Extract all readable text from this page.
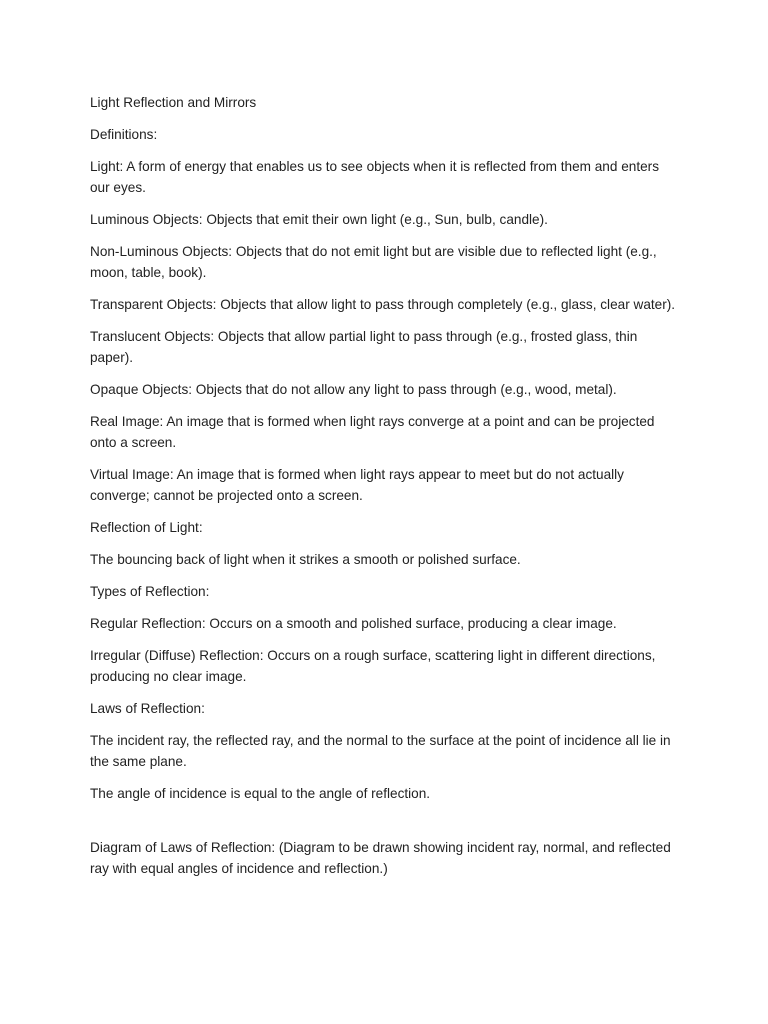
Light Reflection and Mirrors

Definitions:

Light: A form of energy that enables us to see objects when it is reflected from them and enters our eyes.

Luminous Objects: Objects that emit their own light (e.g., Sun, bulb, candle).

Non-Luminous Objects: Objects that do not emit light but are visible due to reflected light (e.g., moon, table, book).

Transparent Objects: Objects that allow light to pass through completely (e.g., glass, clear water).

Translucent Objects: Objects that allow partial light to pass through (e.g., frosted glass, thin paper).

Opaque Objects: Objects that do not allow any light to pass through (e.g., wood, metal).

Real Image: An image that is formed when light rays converge at a point and can be projected onto a screen.

Virtual Image: An image that is formed when light rays appear to meet but do not actually converge; cannot be projected onto a screen.

Reflection of Light:

The bouncing back of light when it strikes a smooth or polished surface.

Types of Reflection:

Regular Reflection: Occurs on a smooth and polished surface, producing a clear image.

Irregular (Diffuse) Reflection: Occurs on a rough surface, scattering light in different directions, producing no clear image.

Laws of Reflection:

The incident ray, the reflected ray, and the normal to the surface at the point of incidence all lie in the same plane.

The angle of incidence is equal to the angle of reflection.

Diagram of Laws of Reflection: (Diagram to be drawn showing incident ray, normal, and reflected ray with equal angles of incidence and reflection.)
